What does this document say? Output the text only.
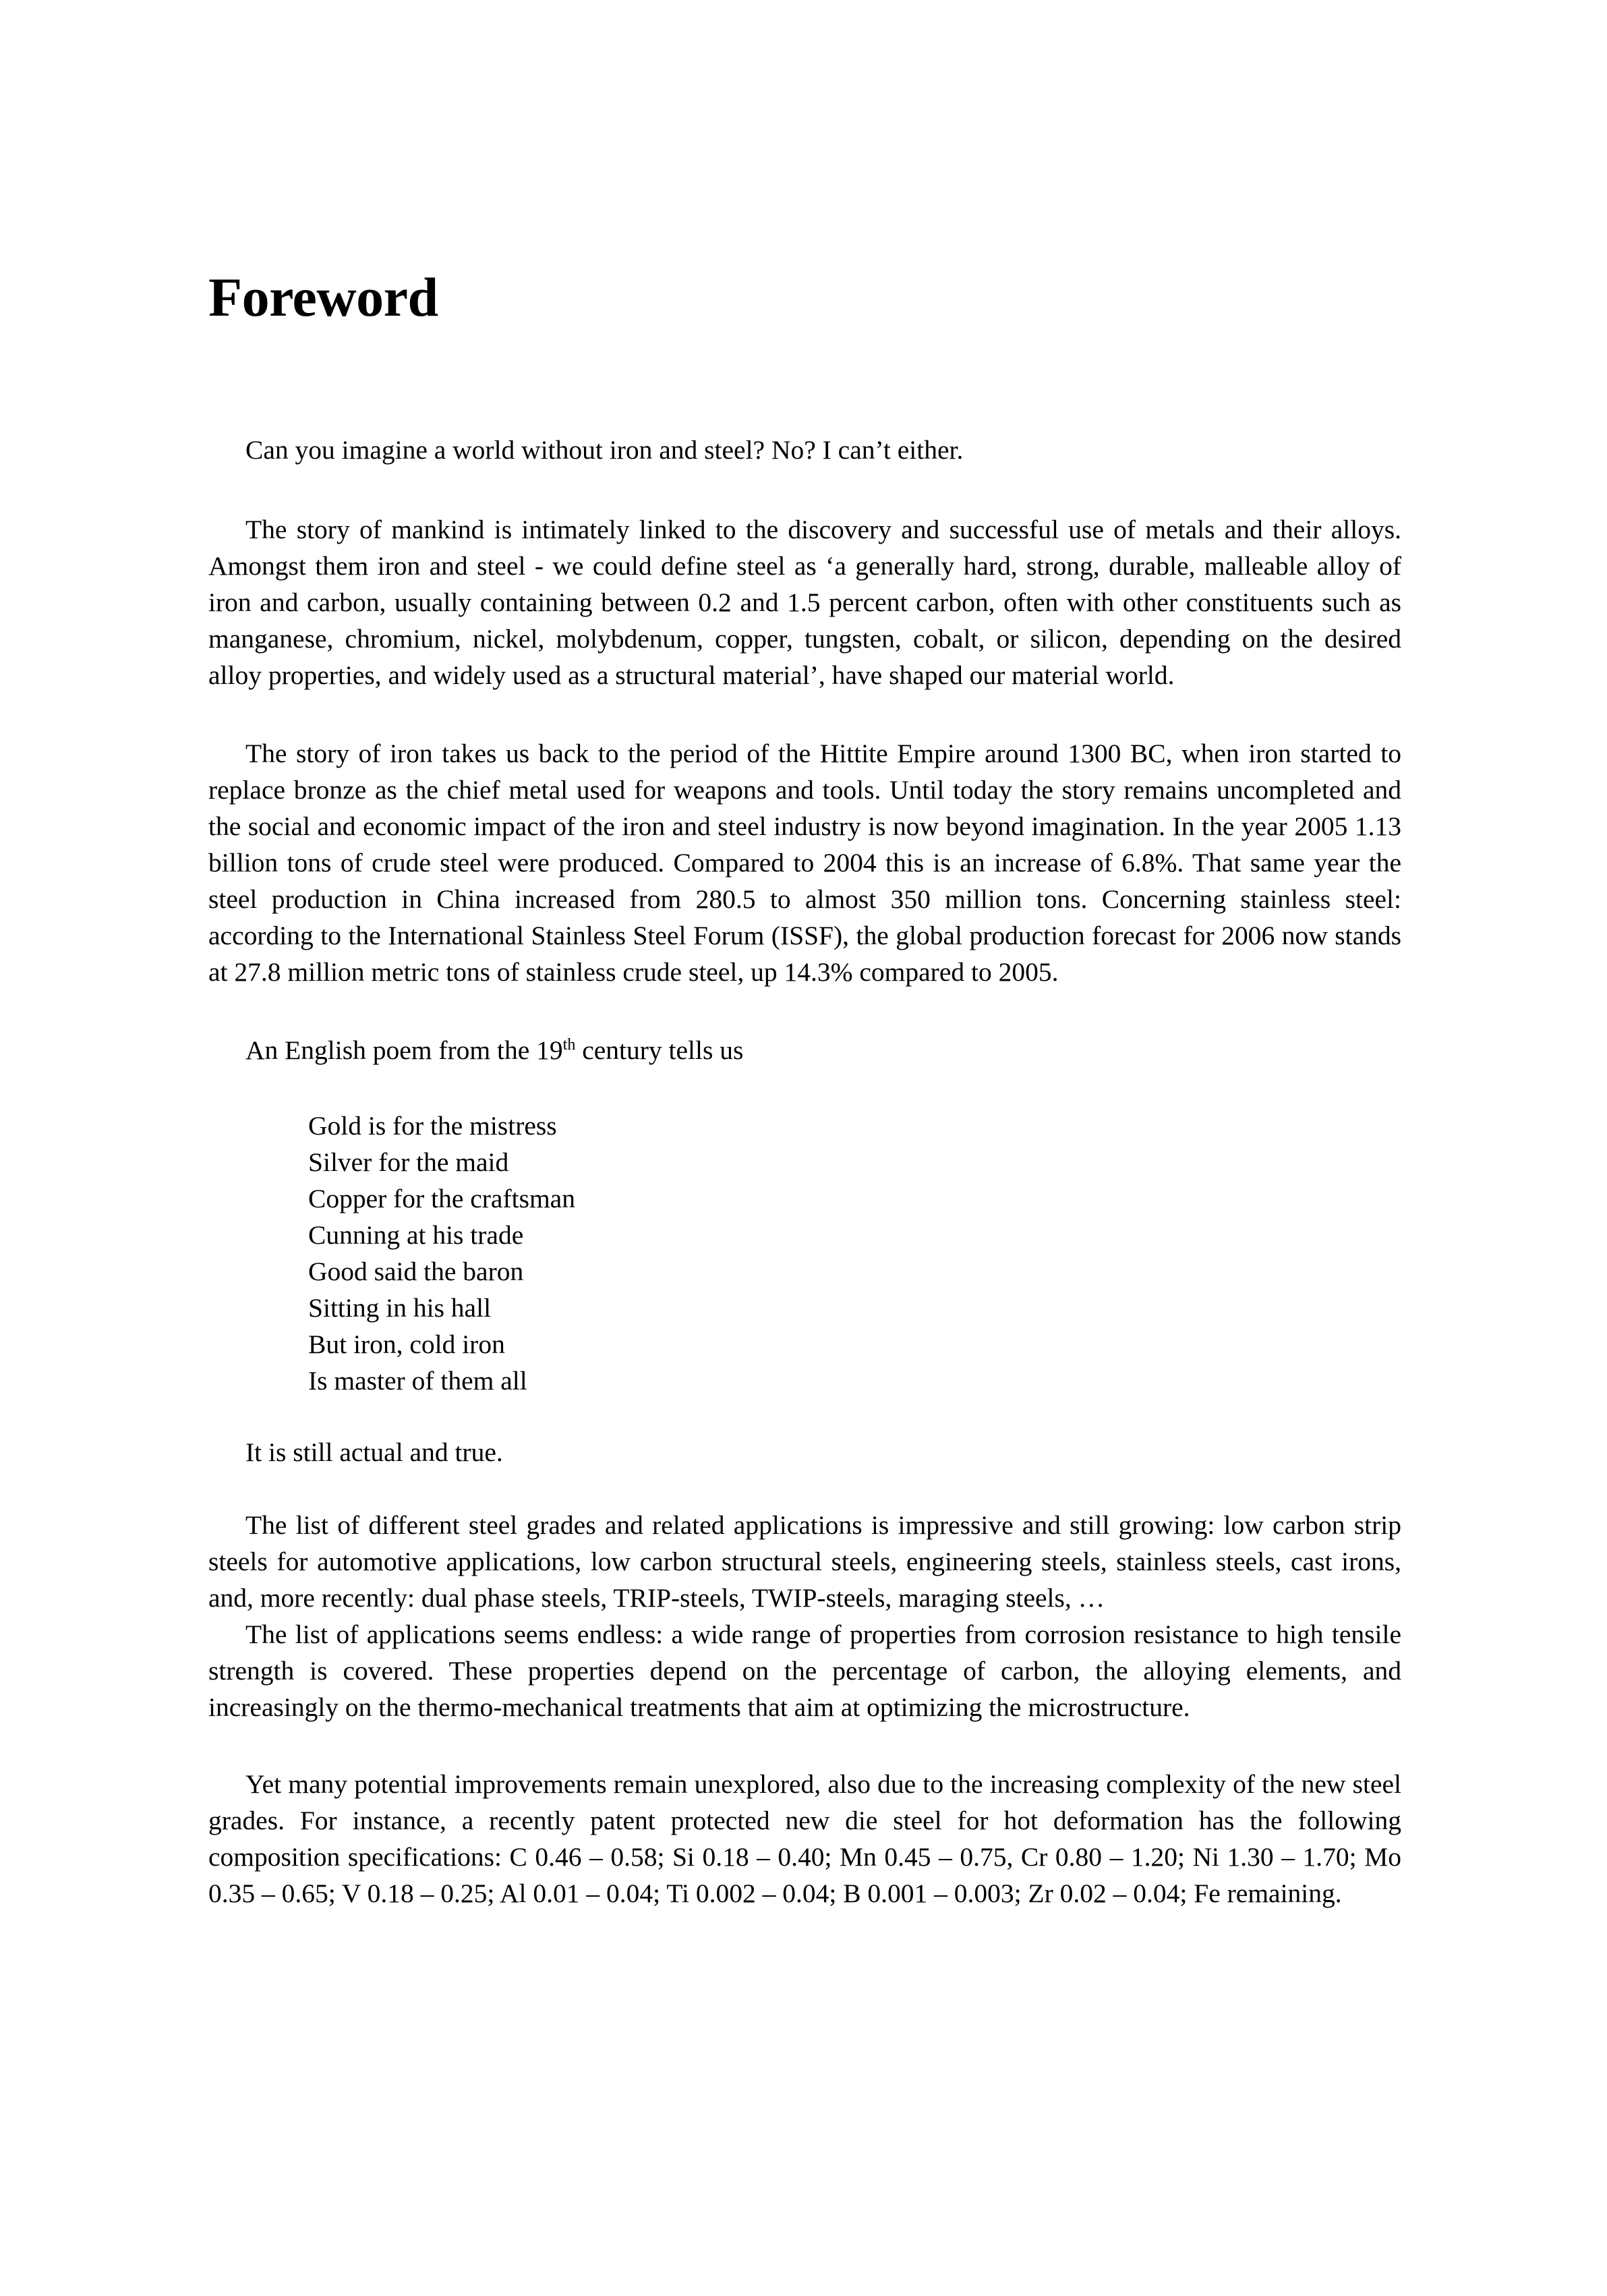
Foreword

Can you imagine a world without iron and steel? No? I can’t either.

The story of mankind is intimately linked to the discovery and successful use of metals and their alloys. Amongst them iron and steel - we could define steel as ‘a generally hard, strong, durable, malleable alloy of iron and carbon, usually containing between 0.2 and 1.5 percent carbon, often with other constituents such as manganese, chromium, nickel, molybdenum, copper, tungsten, cobalt, or silicon, depending on the desired alloy properties, and widely used as a structural material’, have shaped our material world.

The story of iron takes us back to the period of the Hittite Empire around 1300 BC, when iron started to replace bronze as the chief metal used for weapons and tools. Until today the story remains uncompleted and the social and economic impact of the iron and steel industry is now beyond imagination. In the year 2005 1.13 billion tons of crude steel were produced. Compared to 2004 this is an increase of 6.8%. That same year the steel production in China increased from 280.5 to almost 350 million tons. Concerning stainless steel: according to the International Stainless Steel Forum (ISSF), the global production forecast for 2006 now stands at 27.8 million metric tons of stainless crude steel, up 14.3% compared to 2005.

An English poem from the 19th century tells us

Gold is for the mistress
Silver for the maid
Copper for the craftsman
Cunning at his trade
Good said the baron
Sitting in his hall
But iron, cold iron
Is master of them all

It is still actual and true.

The list of different steel grades and related applications is impressive and still growing: low carbon strip steels for automotive applications, low carbon structural steels, engineering steels, stainless steels, cast irons, and, more recently: dual phase steels, TRIP-steels, TWIP-steels, maraging steels, …

The list of applications seems endless: a wide range of properties from corrosion resistance to high tensile strength is covered. These properties depend on the percentage of carbon, the alloying elements, and increasingly on the thermo-mechanical treatments that aim at optimizing the microstructure.

Yet many potential improvements remain unexplored, also due to the increasing complexity of the new steel grades. For instance, a recently patent protected new die steel for hot deformation has the following composition specifications: C 0.46 – 0.58; Si 0.18 – 0.40; Mn 0.45 – 0.75, Cr 0.80 – 1.20; Ni 1.30 – 1.70; Mo 0.35 – 0.65; V 0.18 – 0.25; Al 0.01 – 0.04; Ti 0.002 – 0.04; B 0.001 – 0.003; Zr 0.02 – 0.04; Fe remaining.
